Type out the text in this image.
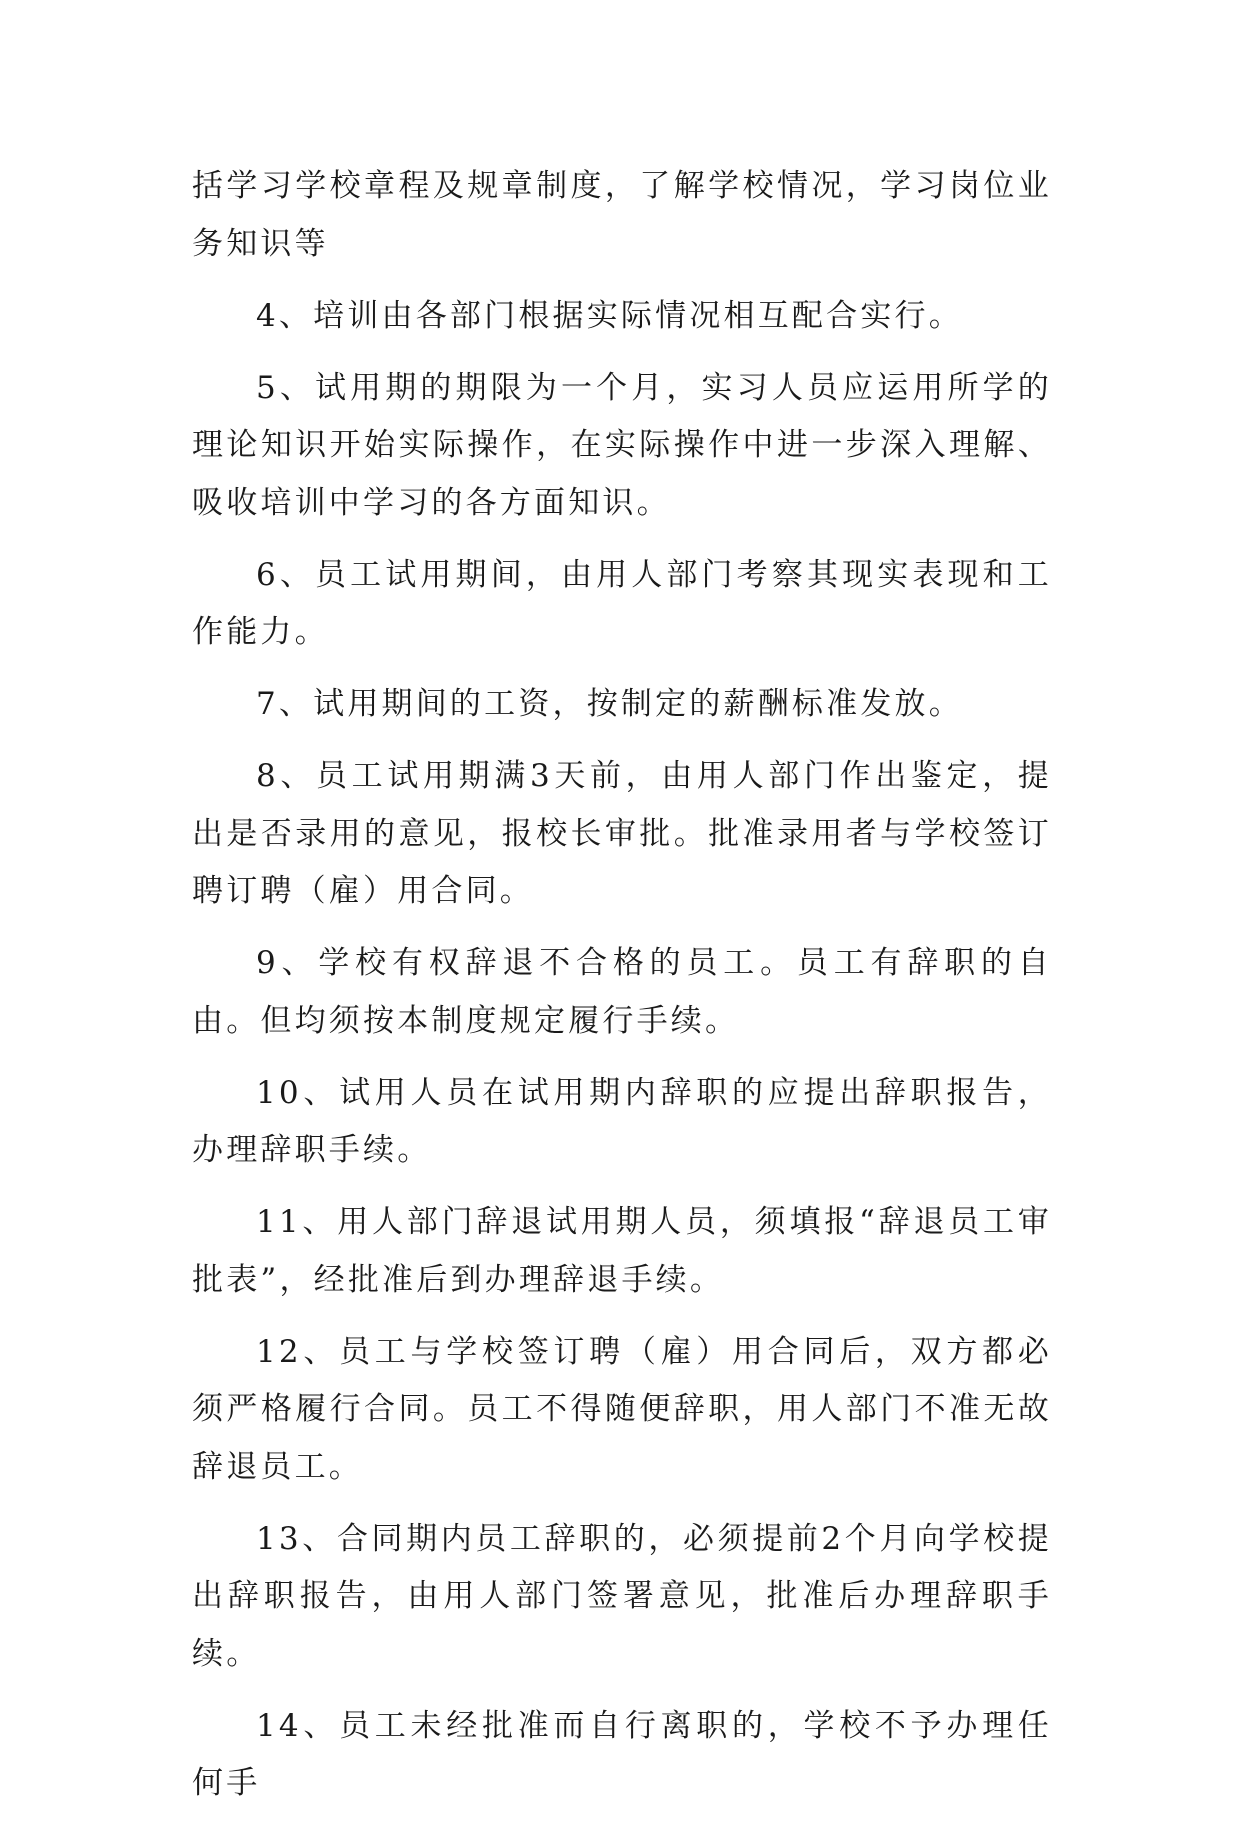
括学习学校章程及规章制度，了解学校情况，学习岗位业务知识等

4、培训由各部门根据实际情况相互配合实行。

5、试用期的期限为一个月，实习人员应运用所学的理论知识开始实际操作，在实际操作中进一步深入理解、吸收培训中学习的各方面知识。

6、员工试用期间，由用人部门考察其现实表现和工作能力。

7、试用期间的工资，按制定的薪酬标准发放。

8、员工试用期满3天前，由用人部门作出鉴定，提出是否录用的意见，报校长审批。批准录用者与学校签订聘订聘（雇）用合同。

9、学校有权辞退不合格的员工。员工有辞职的自由。但均须按本制度规定履行手续。

10、试用人员在试用期内辞职的应提出辞职报告，办理辞职手续。

11、用人部门辞退试用期人员，须填报“辞退员工审批表”，经批准后到办理辞退手续。

12、员工与学校签订聘（雇）用合同后，双方都必须严格履行合同。员工不得随便辞职，用人部门不准无故辞退员工。

13、合同期内员工辞职的，必须提前2个月向学校提出辞职报告，由用人部门签署意见，批准后办理辞职手续。

14、员工未经批准而自行离职的，学校不予办理任何手
